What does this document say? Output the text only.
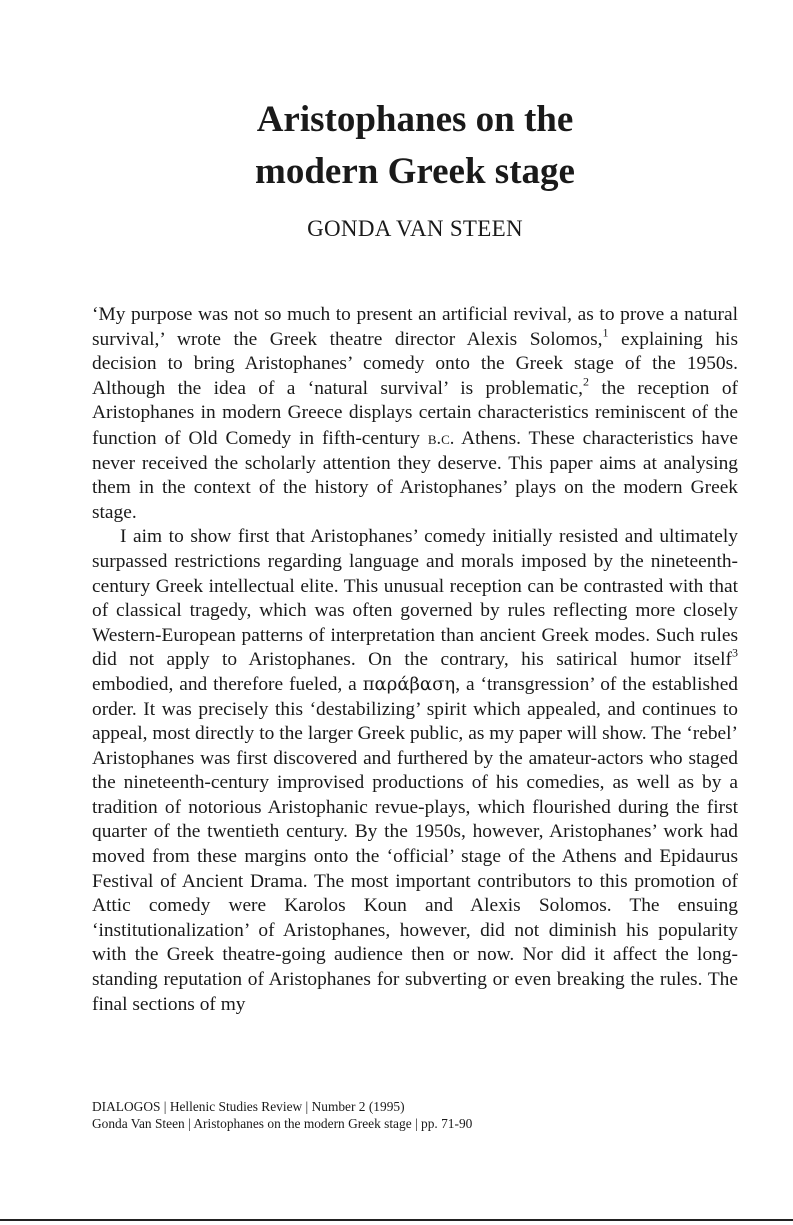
Aristophanes on the
modern Greek stage
GONDA VAN STEEN

‘My purpose was not so much to present an artificial revival, as to prove a natural survival,’ wrote the Greek theatre director Alexis Solomos,$^1$ explaining his decision to bring Aristophanes’ comedy onto the Greek stage of the 1950s. Although the idea of a ‘natural survival’ is problematic,$^2$ the reception of Aristophanes in modern Greece displays certain characteristics reminiscent of the function of Old Comedy in fifth-century b.c. Athens. These characteristics have never received the scholarly attention they deserve. This paper aims at analysing them in the context of the history of Aristophanes’ plays on the modern Greek stage.

I aim to show first that Aristophanes’ comedy initially resisted and ultimately surpassed restrictions regarding language and morals imposed by the nineteenth-century Greek intellectual elite. This unusual reception can be contrasted with that of classical tragedy, which was often governed by rules reflecting more closely Western-European patterns of interpretation than ancient Greek modes. Such rules did not apply to Aristophanes. On the contrary, his satirical humor itself$^3$ embodied, and therefore fueled, a παράβαση, a ‘transgression’ of the established order. It was precisely this ‘destabilizing’ spirit which appealed, and continues to appeal, most directly to the larger Greek public, as my paper will show. The ‘rebel’ Aristophanes was first discovered and furthered by the amateur-actors who staged the nineteenth-century improvised productions of his comedies, as well as by a tradition of notorious Aristophanic revue-plays, which flourished during the first quarter of the twentieth century. By the 1950s, however, Aristophanes’ work had moved from these margins onto the ‘official’ stage of the Athens and Epidaurus Festival of Ancient Drama. The most important contributors to this promotion of Attic comedy were Karolos Koun and Alexis Solomos. The ensuing ‘institutionalization’ of Aristophanes, however, did not diminish his popularity with the Greek theatre-going audience then or now. Nor did it affect the long-standing reputation of Aristophanes for subverting or even breaking the rules. The final sections of my

DIALOGOS | Hellenic Studies Review | Number 2 (1995)
Gonda Van Steen | Aristophanes on the modern Greek stage | pp. 71-90
